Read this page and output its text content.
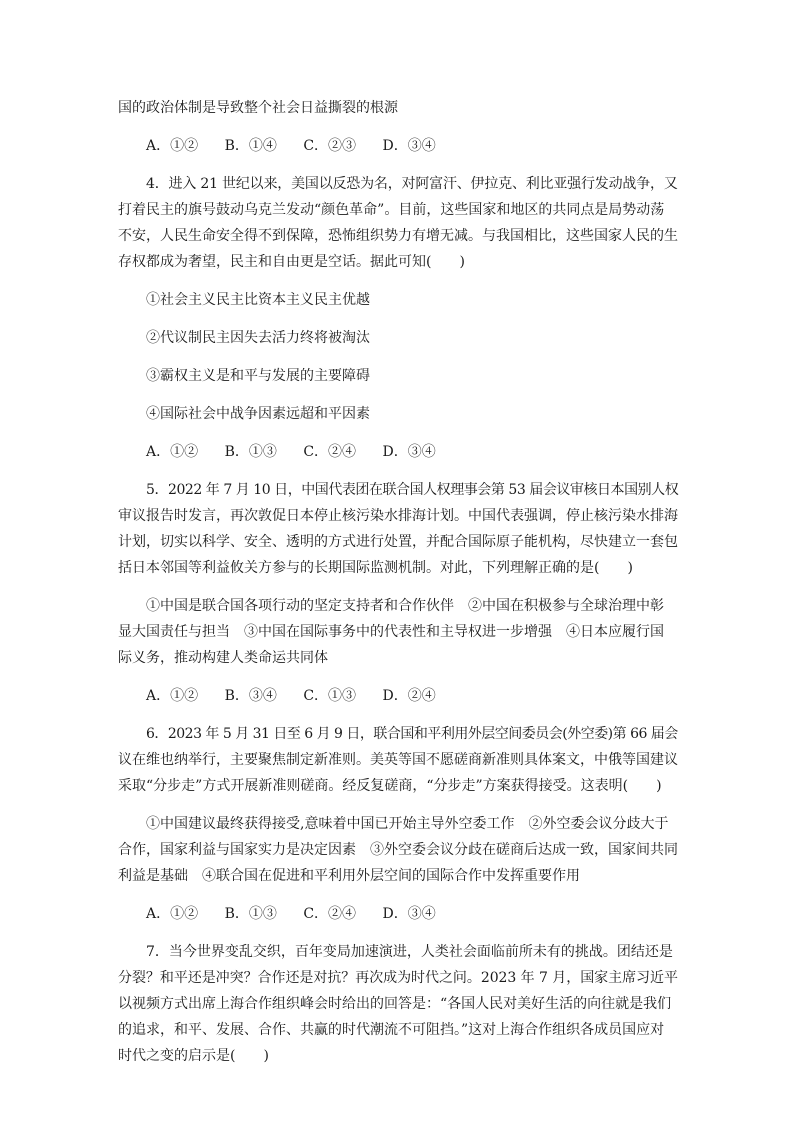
国的政治体制是导致整个社会日益撕裂的根源
A．①② B．①④ C．②③ D．③④
4．进入 21 世纪以来，美国以反恐为名，对阿富汗、伊拉克、利比亚强行发动战争，又
打着民主的旗号鼓动乌克兰发动“颜色革命”。目前，这些国家和地区的共同点是局势动荡
不安，人民生命安全得不到保障，恐怖组织势力有增无减。与我国相比，这些国家人民的生
存权都成为奢望，民主和自由更是空话。据此可知(　　)
①社会主义民主比资本主义民主优越
②代议制民主因失去活力终将被淘汰
③霸权主义是和平与发展的主要障碍
④国际社会中战争因素远超和平因素
A．①② B．①③ C．②④ D．③④
5．2022 年 7 月 10 日，中国代表团在联合国人权理事会第 53 届会议审核日本国别人权
审议报告时发言，再次敦促日本停止核污染水排海计划。中国代表强调，停止核污染水排海
计划，切实以科学、安全、透明的方式进行处置，并配合国际原子能机构，尽快建立一套包
括日本邻国等利益攸关方参与的长期国际监测机制。对此，下列理解正确的是(　　)
①中国是联合国各项行动的坚定支持者和合作伙伴　②中国在积极参与全球治理中彰
显大国责任与担当　③中国在国际事务中的代表性和主导权进一步增强　④日本应履行国
际义务，推动构建人类命运共同体
A．①② B．③④ C．①③ D．②④
6．2023 年 5 月 31 日至 6 月 9 日，联合国和平利用外层空间委员会(外空委)第 66 届会
议在维也纳举行，主要聚焦制定新准则。美英等国不愿磋商新准则具体案文，中俄等国建议
采取“分步走”方式开展新准则磋商。经反复磋商，“分步走”方案获得接受。这表明(　　)
①中国建议最终获得接受,意味着中国已开始主导外空委工作　②外空委会议分歧大于
合作，国家利益与国家实力是决定因素　③外空委会议分歧在磋商后达成一致，国家间共同
利益是基础　④联合国在促进和平利用外层空间的国际合作中发挥重要作用
A．①② B．①③ C．②④ D．③④
7．当今世界变乱交织，百年变局加速演进，人类社会面临前所未有的挑战。团结还是
分裂？和平还是冲突？合作还是对抗？再次成为时代之问。2023 年 7 月，国家主席习近平
以视频方式出席上海合作组织峰会时给出的回答是：“各国人民对美好生活的向往就是我们
的追求，和平、发展、合作、共赢的时代潮流不可阻挡。”这对上海合作组织各成员国应对
时代之变的启示是(　　)
